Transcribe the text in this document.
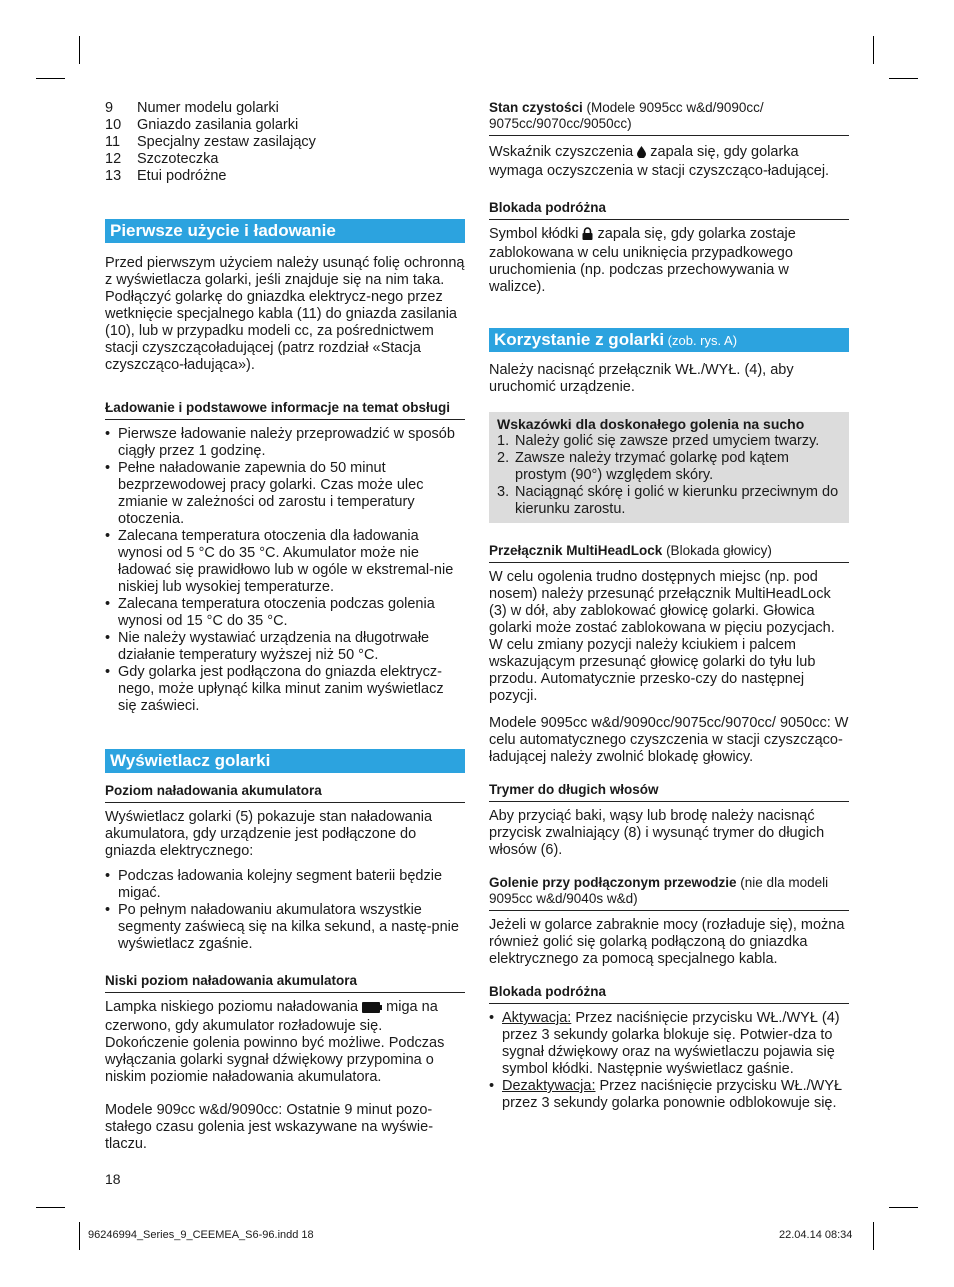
9	Numer modelu golarki
10	Gniazdo zasilania golarki
11	Specjalny zestaw zasilający
12	Szczoteczka
13	Etui podróżne
Pierwsze użycie i ładowanie

Przed pierwszym użyciem należy usunąć folię ochronną z wyświetlacza golarki, jeśli znajduje się na nim taka. Podłączyć golarkę do gniazdka elektrycz-nego przez wetknięcie specjalnego kabla (11) do gniazda zasilania (10), lub w przypadku modeli cc, za pośrednictwem stacji czyszczącoładującej (patrz rozdział «Stacja czyszcząco-ładująca»).

Ładowanie i podstawowe informacje na temat obsługi
• Pierwsze ładowanie należy przeprowadzić w sposób ciągły przez 1 godzinę.
• Pełne naładowanie zapewnia do 50 minut bezprzewodowej pracy golarki. Czas może ulec zmianie w zależności od zarostu i temperatury otoczenia.
• Zalecana temperatura otoczenia dla ładowania wynosi od 5 °C do 35 °C. Akumulator może nie ładować się prawidłowo lub w ogóle w ekstremal-nie niskiej lub wysokiej temperaturze.
• Zalecana temperatura otoczenia podczas golenia wynosi od 15 °C do 35 °C.
• Nie należy wystawiać urządzenia na długotrwałe działanie temperatury wyższej niż 50 °C.
• Gdy golarka jest podłączona do gniazda elektrycz-nego, może upłynąć kilka minut zanim wyświetlacz się zaświeci.
Wyświetlacz golarki
Poziom naładowania akumulatora

Wyświetlacz golarki (5) pokazuje stan naładowania akumulatora, gdy urządzenie jest podłączone do gniazda elektrycznego:

• Podczas ładowania kolejny segment baterii będzie migać.
• Po pełnym naładowaniu akumulatora wszystkie segmenty zaświecą się na kilka sekund, a nastę-pnie wyświetlacz zgaśnie.
Niski poziom naładowania akumulatora

Lampka niskiego poziomu naładowania  miga na czerwono, gdy akumulator rozładowuje się. Dokończenie golenia powinno być możliwe. Podczas wyłączania golarki sygnał dźwiękowy przypomina o niskim poziomie naładowania akumulatora.

Modele 909cc w&d/9090cc: Ostatnie 9 minut pozo-stałego czasu golenia jest wskazywane na wyświe-tlaczu.

Stan czystości (Modele 9095cc w&d/9090cc/ 9075cc/9070cc/9050cc)

Wskaźnik czyszczenia  zapala się, gdy golarka wymaga oczyszczenia w stacji czyszcząco-ładującej.

Blokada podróżna

Symbol kłódki  zapala się, gdy golarka zostaje zablokowana w celu uniknięcia przypadkowego uruchomienia (np. podczas przechowywania w walizce).

Korzystanie z golarki (zob. rys. A)

Należy nacisnąć przełącznik WŁ./WYŁ. (4), aby uruchomić urządzenie.

Wskazówki dla doskonałego golenia na sucho
1. Należy golić się zawsze przed umyciem twarzy.
2. Zawsze należy trzymać golarkę pod kątem prostym (90°) względem skóry.
3. Naciągnąć skórę i golić w kierunku przeciwnym do kierunku zarostu.
Przełącznik MultiHeadLock (Blokada głowicy)

W celu ogolenia trudno dostępnych miejsc (np. pod nosem) należy przesunąć przełącznik MultiHeadLock (3) w dół, aby zablokować głowicę golarki. Głowica golarki może zostać zablokowana w pięciu pozycjach. W celu zmiany pozycji należy kciukiem i palcem wskazującym przesunąć głowicę golarki do tyłu lub przodu. Automatycznie przesko-czy do następnej pozycji.

Modele 9095cc w&d/9090cc/9075cc/9070cc/ 9050cc: W celu automatycznego czyszczenia w stacji czyszcząco-ładującej należy zwolnić blokadę głowicy.

Trymer do długich włosów

Aby przyciąć baki, wąsy lub brodę należy nacisnąć przycisk zwalniający (8) i wysunąć trymer do długich włosów (6).

Golenie przy podłączonym przewodzie (nie dla modeli 9095cc w&d/9040s w&d)

Jeżeli w golarce zabraknie mocy (rozładuje się), można również golić się golarką podłączoną do gniazdka elektrycznego za pomocą specjalnego kabla.

Blokada podróżna
• Aktywacja: Przez naciśnięcie przycisku WŁ./WYŁ (4) przez 3 sekundy golarka blokuje się. Potwier-dza to sygnał dźwiękowy oraz na wyświetlaczu pojawia się symbol kłódki. Następnie wyświetlacz gaśnie.
• Dezaktywacja: Przez naciśnięcie przycisku WŁ./WYŁ przez 3 sekundy golarka ponownie odblokowuje się.
18
96246994_Series_9_CEEMEA_S6-96.indd 18	22.04.14 08:34
